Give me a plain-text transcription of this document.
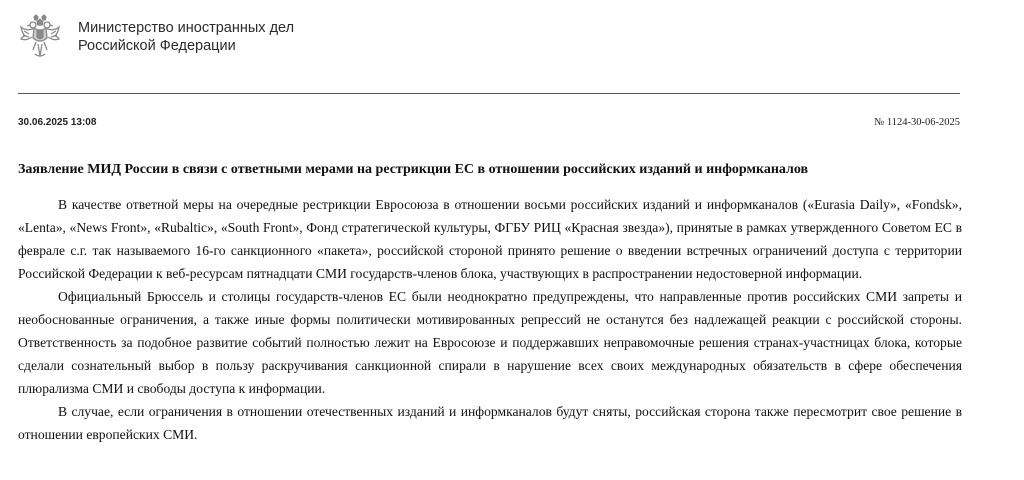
Министерство иностранных дел
Российской Федерации
30.06.2025 13:08	№ 1124-30-06-2025
Заявление МИД России в связи с ответными мерами на рестрикции ЕС в отношении российских изданий и информканалов

В качестве ответной меры на очередные рестрикции Евросоюза в отношении восьми российских изданий и информканалов («Eurasia Daily», «Fondsk», «Lenta», «News Front», «Rubaltic», «South Front», Фонд стратегической культуры, ФГБУ РИЦ «Красная звезда»), принятые в рамках утвержденного Советом ЕС в феврале с.г. так называемого 16-го санкционного «пакета», российской стороной принято решение о введении встречных ограничений доступа с территории Российской Федерации к веб-ресурсам пятнадцати СМИ государств-членов блока, участвующих в распространении недостоверной информации.

Официальный Брюссель и столицы государств-членов ЕС были неоднократно предупреждены, что направленные против российских СМИ запреты и необоснованные ограничения, а также иные формы политически мотивированных репрессий не останутся без надлежащей реакции с российской стороны. Ответственность за подобное развитие событий полностью лежит на Евросоюзе и поддержавших неправомочные решения странах-участницах блока, которые сделали сознательный выбор в пользу раскручивания санкционной спирали в нарушение всех своих международных обязательств в сфере обеспечения плюрализма СМИ и свободы доступа к информации.

В случае, если ограничения в отношении отечественных изданий и информканалов будут сняты, российская сторона также пересмотрит свое решение в отношении европейских СМИ.
